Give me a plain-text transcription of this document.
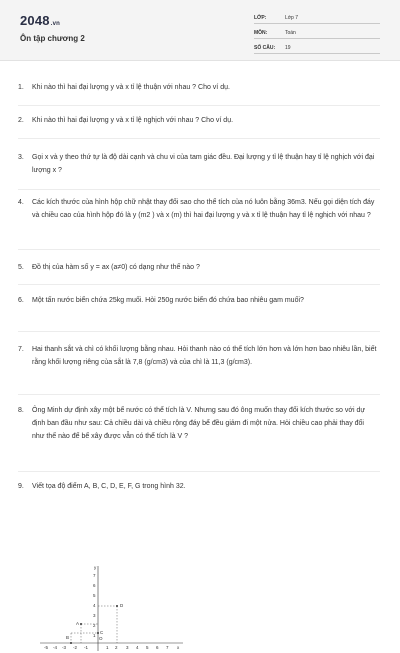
2048.vn
Ôn tập chương 2
LỚP:	Lớp 7
MÔN:	Toán
SỐ CÂU:	19
1.	Khi nào thì hai đại lượng y và x tỉ lệ thuận với nhau ? Cho ví dụ.
2.	Khi nào thì hai đại lượng y và x tỉ lệ nghịch với nhau ? Cho ví dụ.
3.	Gọi x và y theo thứ tự là độ dài cạnh và chu vi của tam giác đều. Đại lượng y tỉ lệ thuận hay tỉ lệ nghịch với đại lượng x ?
4.	Các kích thước của hình hộp chữ nhật thay đổi sao cho thể tích của nó luôn bằng 36m3. Nếu gọi diện tích đáy và chiều cao của hình hộp đó là y (m2 ) và x (m) thì hai đại lượng y và x tỉ lệ thuận hay tỉ lệ nghịch với nhau ?
5.	Đồ thị của hàm số y = ax (a≠0) có dạng như thế nào ?
6.	Một tấn nước biển chứa 25kg muối. Hỏi 250g nước biển đó chứa bao nhiêu gam muối?
7.	Hai thanh sắt và chì có khối lượng bằng nhau. Hỏi thanh nào có thể tích lớn hơn và lớn hơn bao nhiêu lần, biết rằng khối lượng riêng của sắt là 7,8 (g/cm3) và của chì là 11,3 (g/cm3).
8.	Ông Minh dự định xây một bể nước có thể tích là V. Nhưng sau đó ông muốn thay đổi kích thước so với dự định ban đầu như sau: Cả chiều dài và chiều rộng đáy bể đều giảm đi một nửa. Hỏi chiều cao phải thay đổi như thế nào để bể xây được vẫn có thể tích là V ?
9.	Viết tọa độ điểm A, B, C, D, E, F, G trong hình 32.
y
7
6
5
4
3
2
1
-5 -4 -3 -2 -1	1 2 3 4 5 6 7 x
O
D
A
B
C
